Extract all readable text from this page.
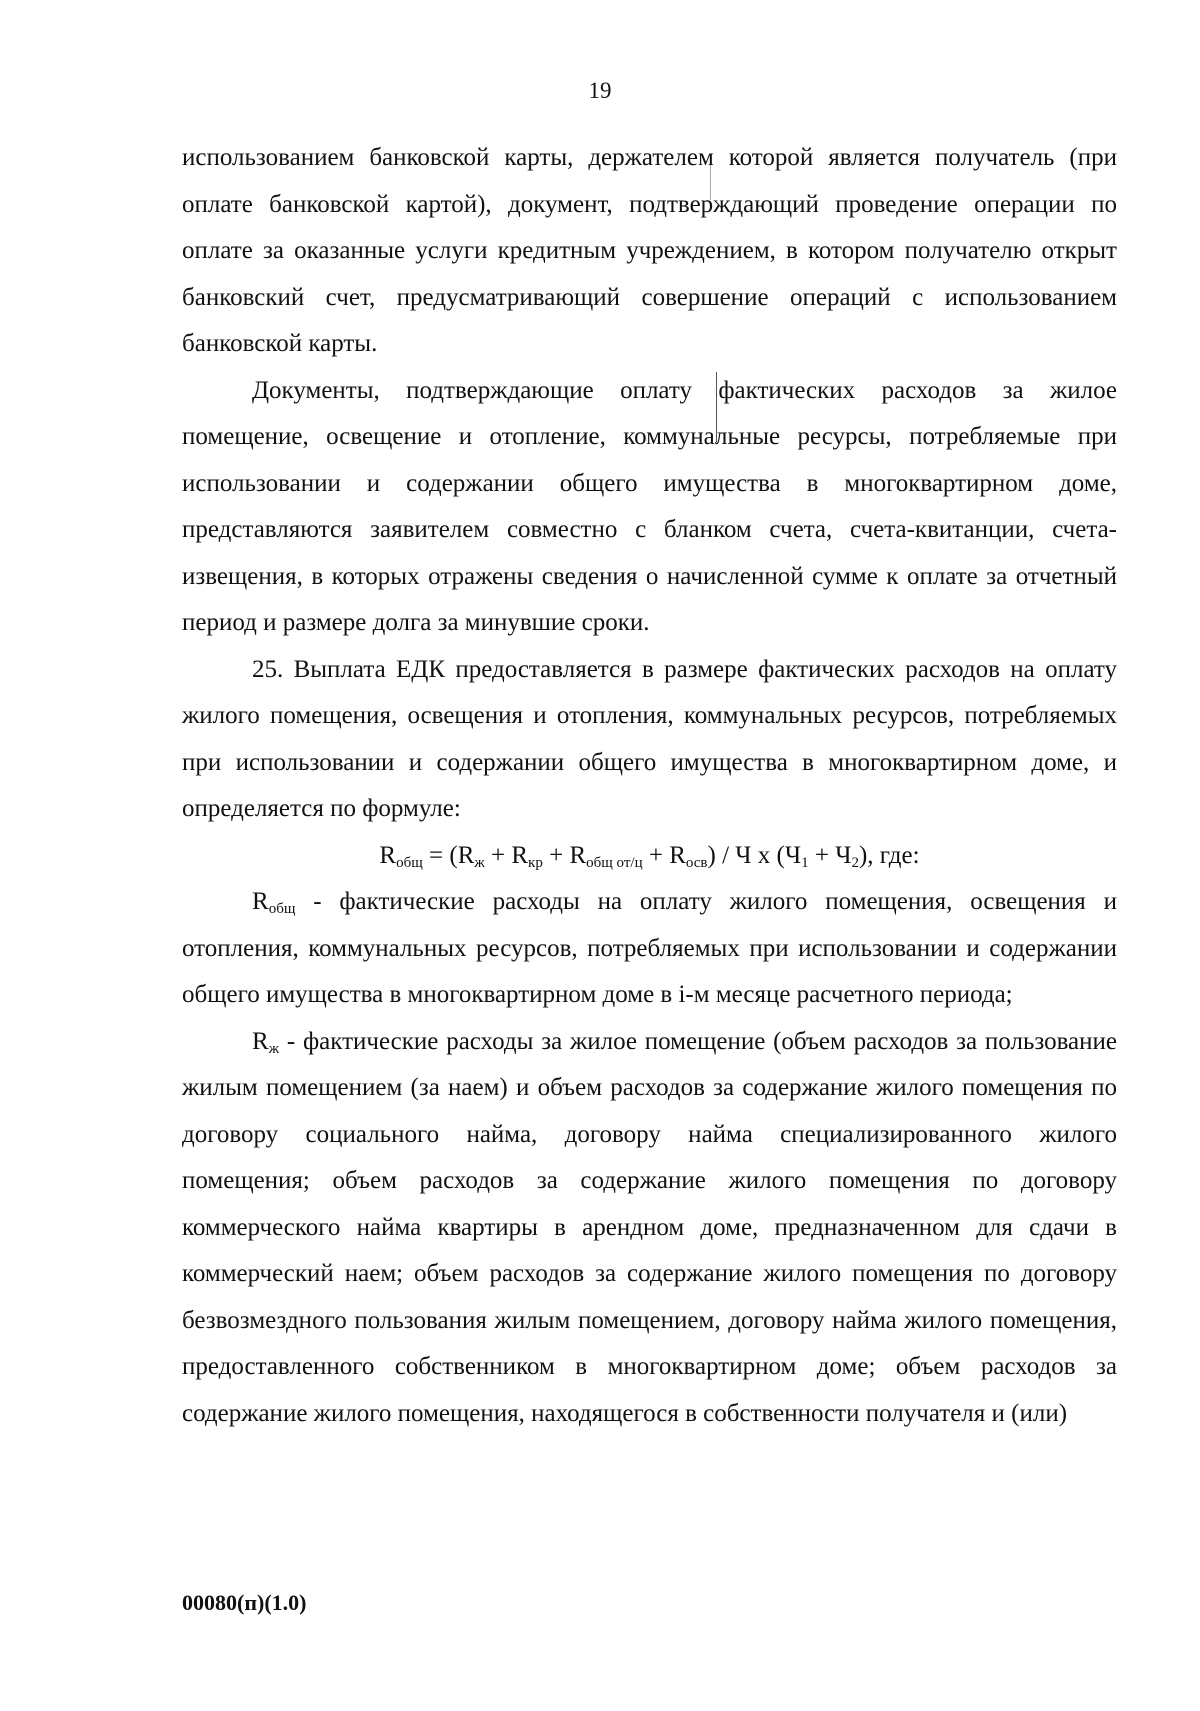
19

использованием банковской карты, держателем которой является получатель (при оплате банковской картой), документ, подтверждающий проведение операции по оплате за оказанные услуги кредитным учреждением, в котором получателю открыт банковский счет, предусматривающий совершение операций с использованием банковской карты.

Документы, подтверждающие оплату фактических расходов за жилое помещение, освещение и отопление, коммунальные ресурсы, потребляемые при использовании и содержании общего имущества в многоквартирном доме, представляются заявителем совместно с бланком счета, счета-квитанции, счета-извещения, в которых отражены сведения о начисленной сумме к оплате за отчетный период и размере долга за минувшие сроки.

25. Выплата ЕДК предоставляется в размере фактических расходов на оплату жилого помещения, освещения и отопления, коммунальных ресурсов, потребляемых при использовании и содержании общего имущества в многоквартирном доме, и определяется по формуле:

$R_{общ} = (R_ж + R_{кр} + R_{общ от/ц} + R_{осв}) / Ч$ х $(Ч_1 + Ч_2)$, где:

$R_{общ}$ - фактические расходы на оплату жилого помещения, освещения и отопления, коммунальных ресурсов, потребляемых при использовании и содержании общего имущества в многоквартирном доме в i-м месяце расчетного периода;

$R_ж$ - фактические расходы за жилое помещение (объем расходов за пользование жилым помещением (за наем) и объем расходов за содержание жилого помещения по договору социального найма, договору найма специализированного жилого помещения; объем расходов за содержание жилого помещения по договору коммерческого найма квартиры в арендном доме, предназначенном для сдачи в коммерческий наем; объем расходов за содержание жилого помещения по договору безвозмездного пользования жилым помещением, договору найма жилого помещения, предоставленного собственником в многоквартирном доме; объем расходов за содержание жилого помещения, находящегося в собственности получателя и (или)

00080(п)(1.0)
